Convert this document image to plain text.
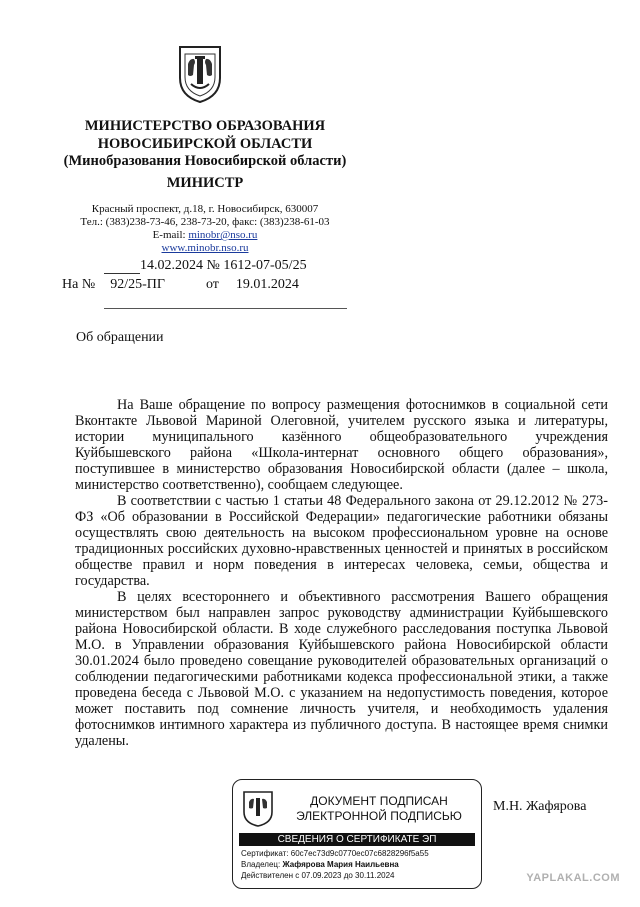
МИНИСТЕРСТВО ОБРАЗОВАНИЯ
НОВОСИБИРСКОЙ ОБЛАСТИ
(Минобразования Новосибирской области)
МИНИСТР
Красный проспект, д.18, г. Новосибирск, 630007
Тел.: (383)238-73-46, 238-73-20, факс: (383)238-61-03
E-mail: minobr@nso.ru
www.minobr.nso.ru
14.02.2024 № 1612-07-05/25
На № 92/25-ПГ	от 19.01.2024
Об обращении

На Ваше обращение по вопросу размещения фотоснимков в социальной сети Вконтакте Львовой Мариной Олеговной, учителем русского языка и литературы, истории муниципального казённого общеобразовательного учреждения Куйбышевского района «Школа-интернат основного общего образования», поступившее в министерство образования Новосибирской области (далее – школа, министерство соответственно), сообщаем следующее.

В соответствии с частью 1 статьи 48 Федерального закона от 29.12.2012 № 273-ФЗ «Об образовании в Российской Федерации» педагогические работники обязаны осуществлять свою деятельность на высоком профессиональном уровне на основе традиционных российских духовно-нравственных ценностей и принятых в российском обществе правил и норм поведения в интересах человека, семьи, общества и государства.

В целях всестороннего и объективного рассмотрения Вашего обращения министерством был направлен запрос руководству администрации Куйбышевского района Новосибирской области. В ходе служебного расследования поступка Львовой М.О. в Управлении образования Куйбышевского района Новосибирской области 30.01.2024 было проведено совещание руководителей образовательных организаций о соблюдении педагогическими работниками кодекса профессиональной этики, а также проведена беседа с Львовой М.О. с указанием на недопустимость поведения, которое может поставить под сомнение личность учителя, и необходимость удаления фотоснимков интимного характера из публичного доступа. В настоящее время снимки удалены.

ДОКУМЕНТ ПОДПИСАН
ЭЛЕКТРОННОЙ ПОДПИСЬЮ
СВЕДЕНИЯ О СЕРТИФИКАТЕ ЭП
Сертификат: 60c7ec73d9c0770ec07c6828296f5a55
Владелец: Жафярова Мария Наильевна
Действителен с 07.09.2023 до 30.11.2024
М.Н. Жафярова
YAPLAKAL.COM
